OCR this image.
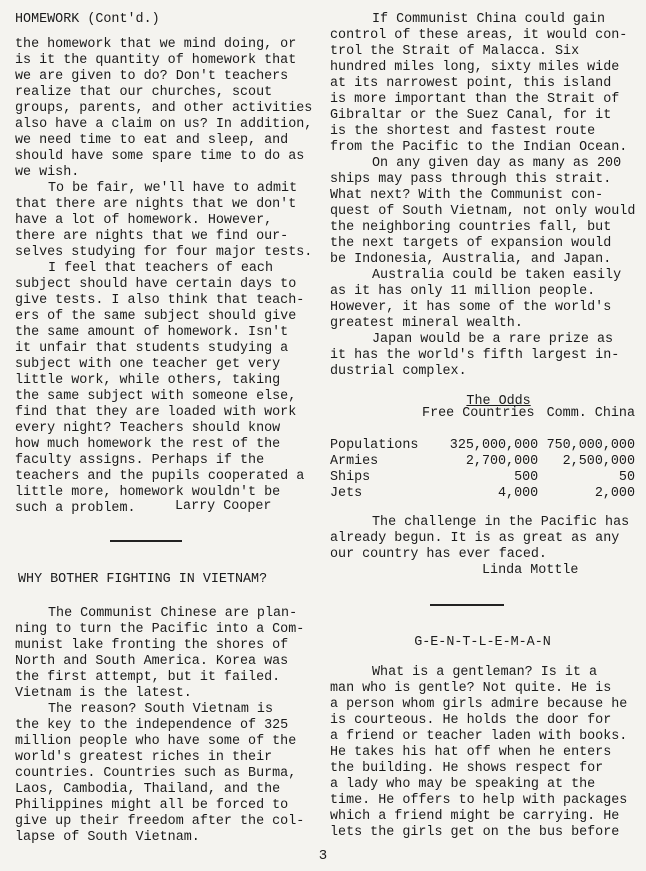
HOMEWORK (Cont'd.)
the homework that we mind doing, or
is it the quantity of homework that
we are given to do? Don't teachers
realize that our churches, scout
groups, parents, and other activities
also have a claim on us? In addition,
we need time to eat and sleep, and
should have some spare time to do as
we wish.
To be fair, we'll have to admit
that there are nights that we don't
have a lot of homework. However,
there are nights that we find our-
selves studying for four major tests.
I feel that teachers of each
subject should have certain days to
give tests. I also think that teach-
ers of the same subject should give
the same amount of homework. Isn't
it unfair that students studying a
subject with one teacher get very
little work, while others, taking
the same subject with someone else,
find that they are loaded with work
every night? Teachers should know
how much homework the rest of the
faculty assigns. Perhaps if the
teachers and the pupils cooperated a
little more, homework wouldn't be
such a problem.	Larry Cooper
WHY BOTHER FIGHTING IN VIETNAM?
The Communist Chinese are plan-
ning to turn the Pacific into a Com-
munist lake fronting the shores of
North and South America. Korea was
the first attempt, but it failed.
Vietnam is the latest.
The reason? South Vietnam is
the key to the independence of 325
million people who have some of the
world's greatest riches in their
countries. Countries such as Burma,
Laos, Cambodia, Thailand, and the
Philippines might all be forced to
give up their freedom after the col-
lapse of South Vietnam.
If Communist China could gain
control of these areas, it would con-
trol the Strait of Malacca. Six
hundred miles long, sixty miles wide
at its narrowest point, this island
is more important than the Strait of
Gibraltar or the Suez Canal, for it
is the shortest and fastest route
from the Pacific to the Indian Ocean.
On any given day as many as 200
ships may pass through this strait.
What next? With the Communist con-
quest of South Vietnam, not only would
the neighboring countries fall, but
the next targets of expansion would
be Indonesia, Australia, and Japan.
Australia could be taken easily
as it has only 11 million people.
However, it has some of the world's
greatest mineral wealth.
Japan would be a rare prize as
it has the world's fifth largest in-
dustrial complex.

The Odds

	Free Countries	Comm. China

Populations	325,000,000	750,000,000
Armies	2,700,000	2,500,000
Ships	500	50
Jets	4,000	2,000
The challenge in the Pacific has
already begun. It is as great as any
our country has ever faced.
Linda Mottle
G-E-N-T-L-E-M-A-N
What is a gentleman? Is it a
man who is gentle? Not quite. He is
a person whom girls admire because he
is courteous. He holds the door for
a friend or teacher laden with books.
He takes his hat off when he enters
the building. He shows respect for
a lady who may be speaking at the
time. He offers to help with packages
which a friend might be carrying. He
lets the girls get on the bus before
3
